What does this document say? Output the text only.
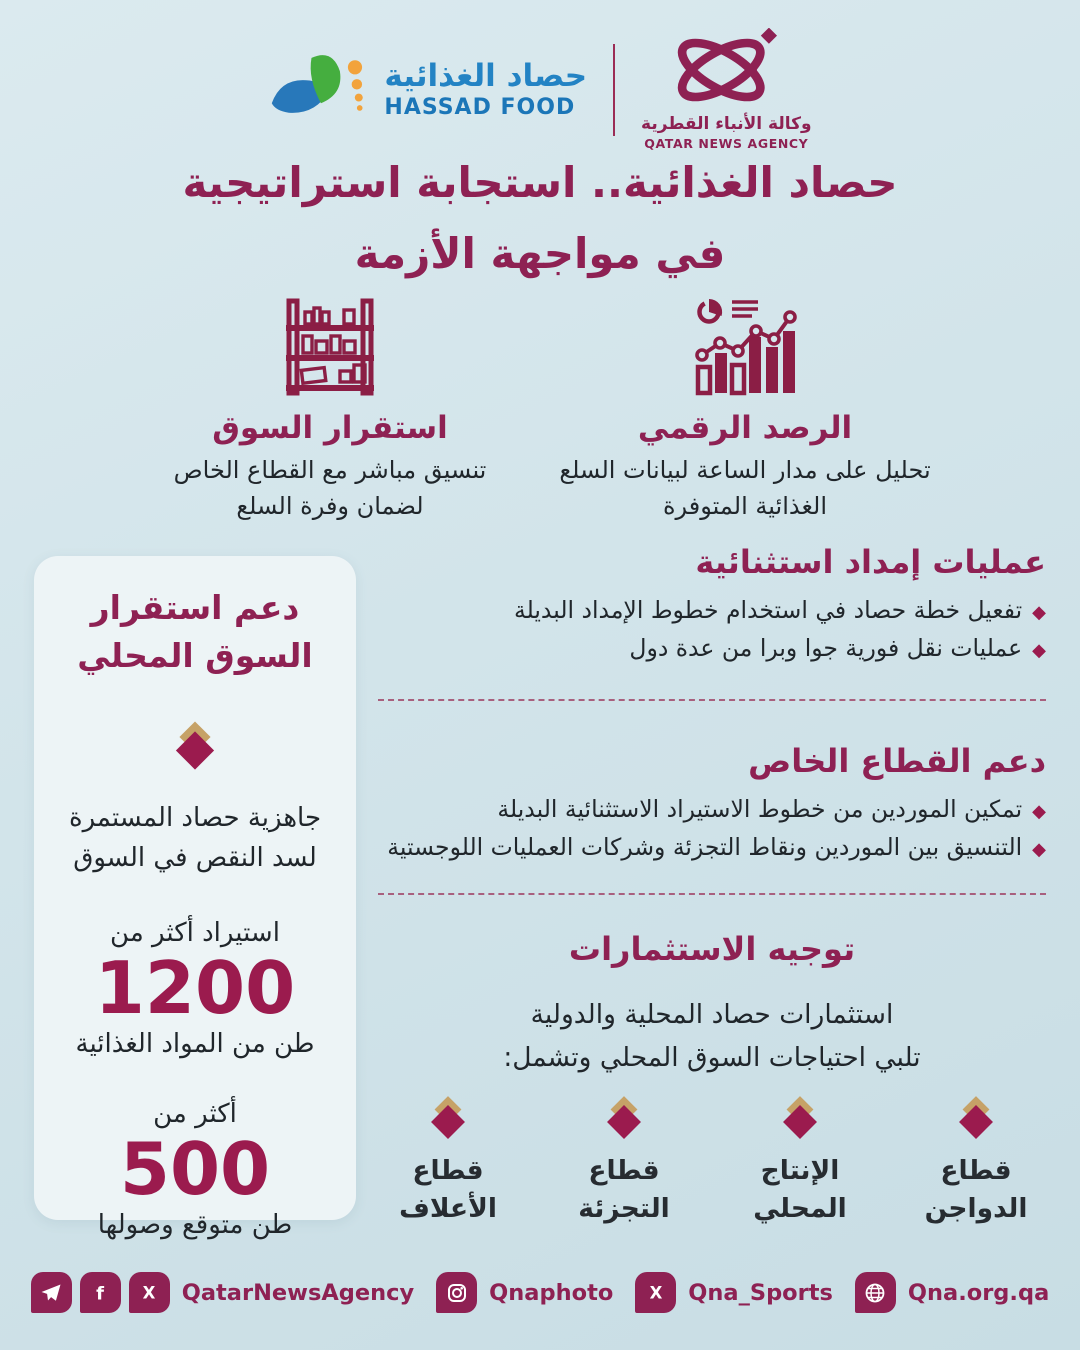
حصاد الغذائية
HASSAD FOOD
وكالة الأنباء القطرية
QATAR NEWS AGENCY
حصاد الغذائية.. استجابة استراتيجية
في مواجهة الأزمة
الرصد الرقمي

تحليل على مدار الساعة لبيانات السلع الغذائية المتوفرة

استقرار السوق

تنسيق مباشر مع القطاع الخاص لضمان وفرة السلع

دعم استقرار
السوق المحلي
جاهزية حصاد المستمرة لسد النقص في السوق
استيراد أكثر من
1200
طن من المواد الغذائية
أكثر من
500
طن متوقع وصولها
عمليات إمداد استثنائية
◆
تفعيل خطة حصاد في استخدام خطوط الإمداد البديلة
◆
عمليات نقل فورية جوا وبرا من عدة دول
دعم القطاع الخاص
◆
تمكين الموردين من خطوط الاستيراد الاستثنائية البديلة
◆
التنسيق بين الموردين ونقاط التجزئة وشركات العمليات اللوجستية
توجيه الاستثمارات
استثمارات حصاد المحلية والدولية
تلبي احتياجات السوق المحلي وتشمل:
قطاع
الدواجن
الإنتاج
المحلي
قطاع
التجزئة
قطاع
الأعلاف
f X QatarNewsAgency	Qnaphoto X Qna_Sports	Qna.org.qa
